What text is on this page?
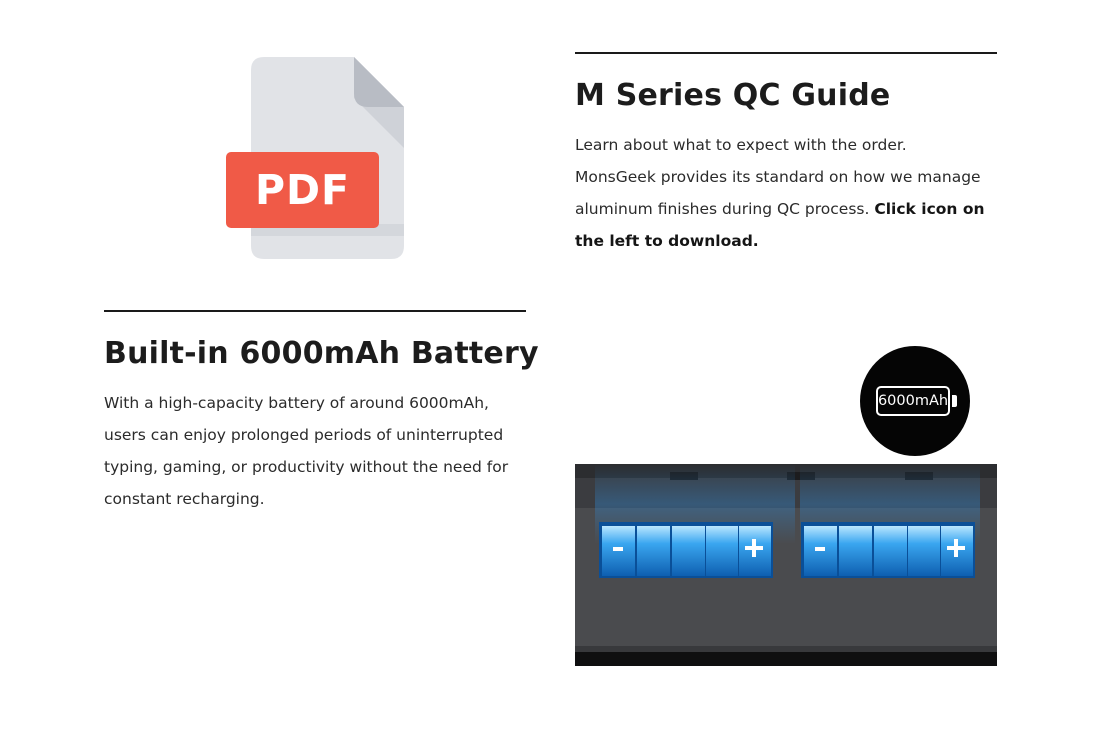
PDF
M Series QC Guide

Learn about what to expect with the order.
MonsGeek provides its standard on how we manage aluminum finishes during QC process. Click icon on the left to download.

Built-in 6000mAh Battery

With a high-capacity battery of around 6000mAh, users can enjoy prolonged periods of uninterrupted typing, gaming, or productivity without the need for constant recharging.

6000mAh
